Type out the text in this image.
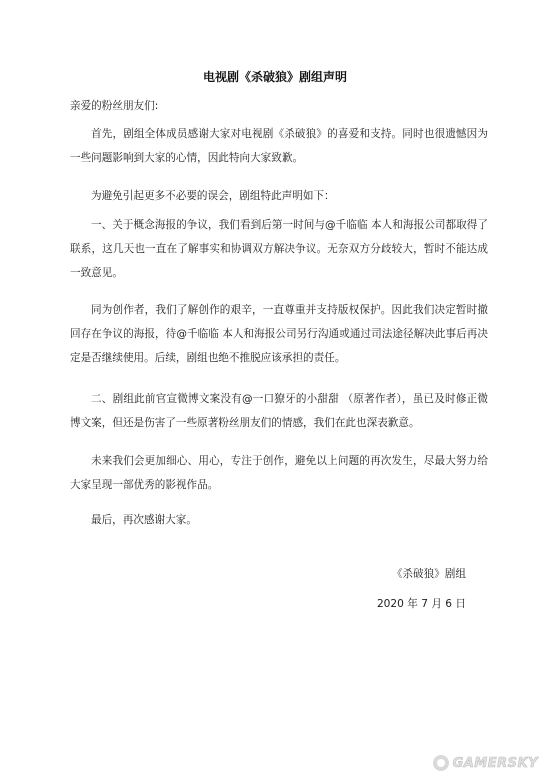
电视剧《杀破狼》剧组声明
亲爱的粉丝朋友们:

首先，剧组全体成员感谢大家对电视剧《杀破狼》的喜爱和支持。同时也很遗憾因为一些问题影响到大家的心情，因此特向大家致歉。

为避免引起更多不必要的误会，剧组特此声明如下：

一、关于概念海报的争议，我们看到后第一时间与@千临临 本人和海报公司都取得了联系，这几天也一直在了解事实和协调双方解决争议。无奈双方分歧较大，暂时不能达成一致意见。

同为创作者，我们了解创作的艰辛，一直尊重并支持版权保护。因此我们决定暂时撤回存在争议的海报，待@千临临 本人和海报公司另行沟通或通过司法途径解决此事后再决定是否继续使用。后续，剧组也绝不推脱应该承担的责任。

二、剧组此前官宣微博文案没有@一口獠牙的小甜甜 （原著作者），虽已及时修正微博文案，但还是伤害了一些原著粉丝朋友们的情感，我们在此也深表歉意。

未来我们会更加细心、用心，专注于创作，避免以上问题的再次发生，尽最大努力给大家呈现一部优秀的影视作品。

最后，再次感谢大家。

《杀破狼》剧组
2020 年 7 月 6 日
GAMERSKY
